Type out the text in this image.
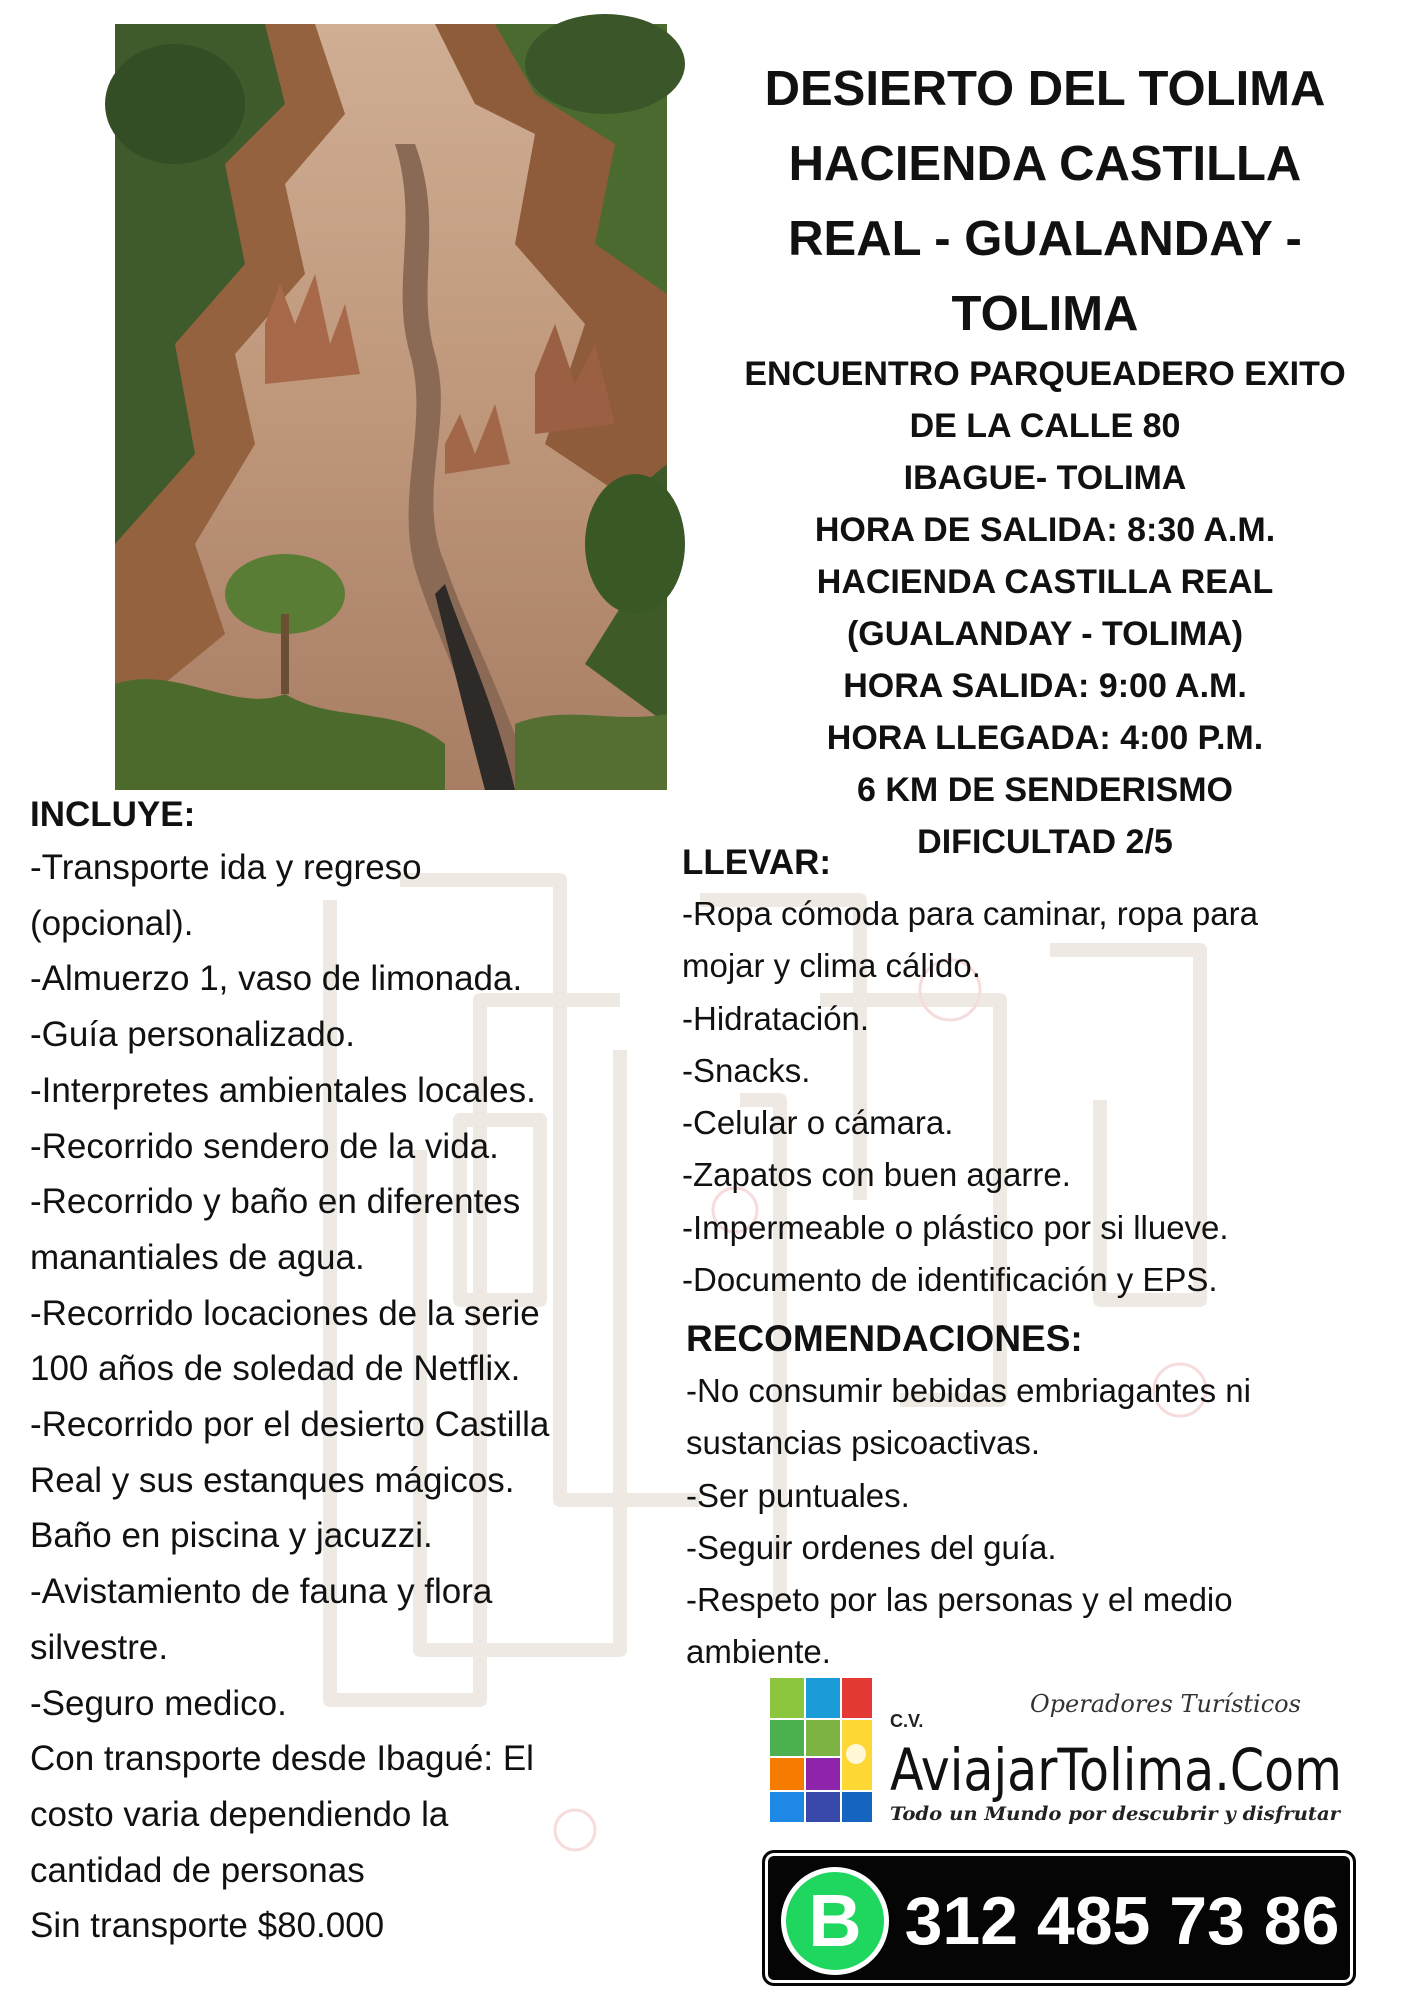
DESIERTO DEL TOLIMA
HACIENDA CASTILLA
REAL - GUALANDAY -
TOLIMA
ENCUENTRO PARQUEADERO EXITO
DE LA CALLE 80
IBAGUE- TOLIMA
HORA DE SALIDA: 8:30 A.M.
HACIENDA CASTILLA REAL
(GUALANDAY - TOLIMA)
HORA SALIDA: 9:00 A.M.
HORA LLEGADA: 4:00 P.M.
6 KM DE SENDERISMO
DIFICULTAD 2/5
INCLUYE:
-Transporte ida y regreso
(opcional).
-Almuerzo 1, vaso de limonada.
-Guía personalizado.
-Interpretes ambientales locales.
-Recorrido sendero de la vida.
-Recorrido y baño en diferentes
manantiales de agua.
-Recorrido locaciones de la serie
100 años de soledad de Netflix.
-Recorrido por el desierto Castilla
Real y sus estanques mágicos.
Baño en piscina y jacuzzi.
-Avistamiento de fauna y flora
silvestre.
-Seguro medico.
Con transporte desde Ibagué: El
costo varia dependiendo la
cantidad de personas
Sin transporte $80.000
LLEVAR:
-Ropa cómoda para caminar, ropa para
mojar y clima cálido.
-Hidratación.
-Snacks.
-Celular o cámara.
-Zapatos con buen agarre.
-Impermeable o plástico por si llueve.
-Documento de identificación y EPS.
RECOMENDACIONES:
-No consumir bebidas embriagantes ni
sustancias psicoactivas.
-Ser puntuales.
-Seguir ordenes del guía.
-Respeto por las personas y el medio
ambiente.
C.V.
Operadores Turísticos
AviajarTolima.Com
Todo un Mundo por descubrir y disfrutar
B 312 485 73 86
